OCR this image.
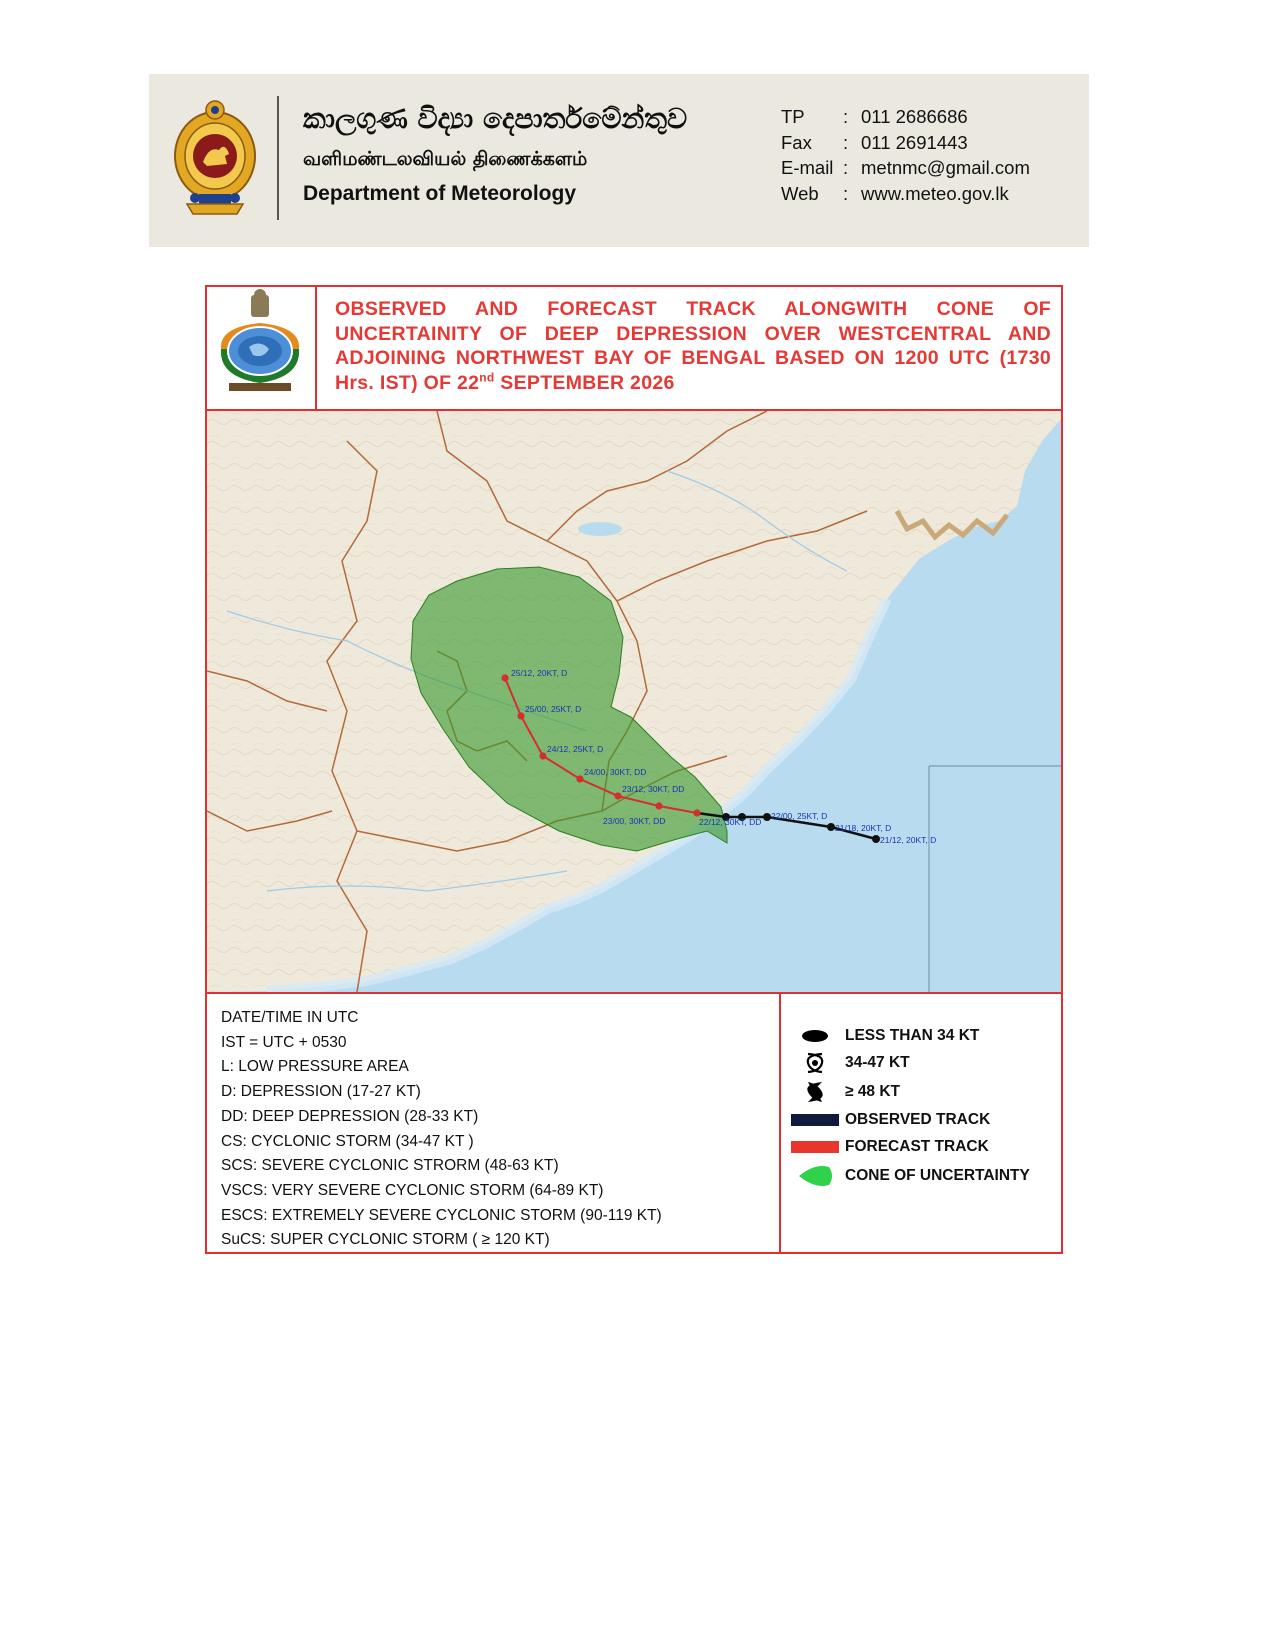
කාලගුණ විද්‍යා දෙපාර්තමේන්තුව
வளிமண்டலவியல் திணைக்களம்
Department of Meteorology
TP	: 011 2686686
Fax	: 011 2691443
E-mail : metnmc@gmail.com
Web	: www.meteo.gov.lk
OBSERVED AND FORECAST TRACK ALONGWITH CONE OF UNCERTAINITY OF DEEP DEPRESSION OVER WESTCENTRAL AND ADJOINING NORTHWEST BAY OF BENGAL BASED ON 1200 UTC (1730 Hrs. IST) OF 22nd SEPTEMBER 2026
21/12, 20KT, D
21/18, 20KT, D
22/00, 25KT, D
22/12, 30KT, DD
23/00, 30KT, DD
23/12, 30KT, DD
24/00, 30KT, DD
24/12, 25KT, D
25/00, 25KT, D
25/12, 20KT, D
DATE/TIME IN UTC
IST = UTC + 0530
L: LOW PRESSURE AREA
D: DEPRESSION (17-27 KT)
DD: DEEP DEPRESSION (28-33 KT)
CS: CYCLONIC STORM (34-47 KT )
SCS: SEVERE CYCLONIC STRORM (48-63 KT)
VSCS: VERY SEVERE CYCLONIC STORM (64-89 KT)
ESCS: EXTREMELY SEVERE CYCLONIC STORM (90-119 KT)
SuCS: SUPER CYCLONIC STORM ( ≥ 120 KT)
LESS THAN 34 KT
34-47 KT
≥ 48 KT
OBSERVED TRACK
FORECAST TRACK
CONE OF UNCERTAINTY
